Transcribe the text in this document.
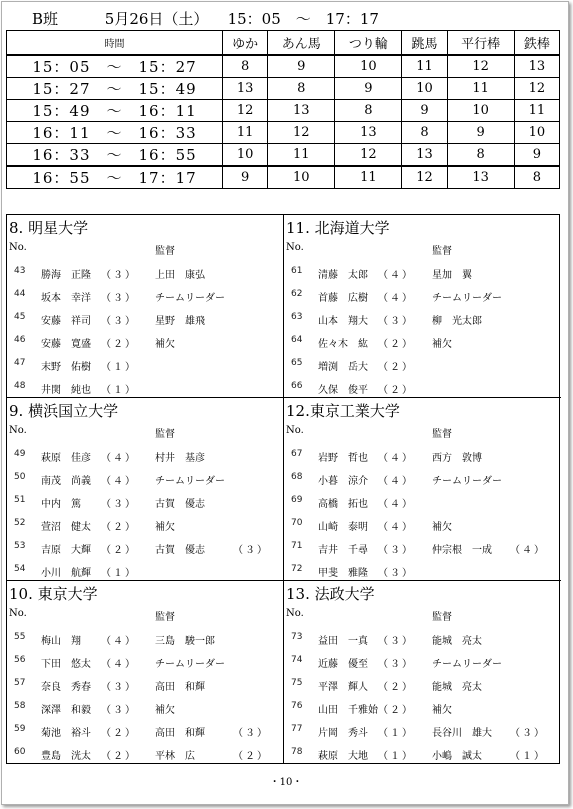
B班	5月26日（土） 15：05　～　17：17
時間	ゆか	あん馬	つり輪	跳馬	平行棒	鉄棒
15：05　～　15：27	8	9	10	11	12	13
15：27　～　15：49	13	8	9	10	11	12
15：49　～　16：11	12	13	8	9	10	11
16：11　～　16：33	11	12	13	8	9	10
16：33　～　16：55	10	11	12	13	8	9
16：55　～　17：17	9	10	11	12	13	8
8. 明星大学
No.	監督
43 勝海　正隆 （３） 上田　康弘
44 坂本　幸洋 （３） チームリーダー
45 安藤　祥司 （３） 星野　雄飛
46 安藤　寛盛 （２） 補欠
47 末野　佑樹 （１）
48 井関　純也 （１）
11. 北海道大学
No.	監督
61 清藤　太郎 （４） 星加　翼
62 首藤　広樹 （４） チームリーダー
63 山本　翔大 （３） 柳　光太郎
64 佐々木　紘 （２） 補欠
65 増渕　岳大 （２）
66 久保　俊平 （２）
9. 横浜国立大学
No.	監督
49 萩原　佳彦 （４） 村井　基彦
50 南茂　尚義 （４） チームリーダー
51 中内　篤 （３） 古賀　優志
52 萱沼　健太 （２） 補欠
53 吉原　大輝 （２） 古賀　優志	（３）
54 小川　航輝 （１）
12.東京工業大学
No.	監督
67 岩野　哲也 （４） 西方　敦博
68 小暮　涼介 （４） チームリーダー
69 高橋　拓也 （４）
70 山崎　泰明 （４） 補欠
71 吉井　千尋 （３） 仲宗根　一成 （４）
72 甲斐　雅隆 （３）
10. 東京大学
No.	監督
55 梅山　翔 （４） 三島　駿一郎
56 下田　悠太 （４） チームリーダー
57 奈良　秀春 （３） 高田　和輝
58 深澤　和毅 （３） 補欠
59 菊池　裕斗 （２） 高田　和輝	（３）
60 豊島　洸太 （２） 平林　広	（２）
13. 法政大学
No.	監督
73 益田　一真 （３） 能城　亮太
74 近藤　優至 （３） チームリーダー
75 平澤　輝人 （２） 能城　亮太
76 山田　千雅始 （２） 補欠
77 片岡　秀斗 （１） 長谷川　雄大 （３）
78 萩原　大地 （１） 小嶋　誠太	（１）
・10・
